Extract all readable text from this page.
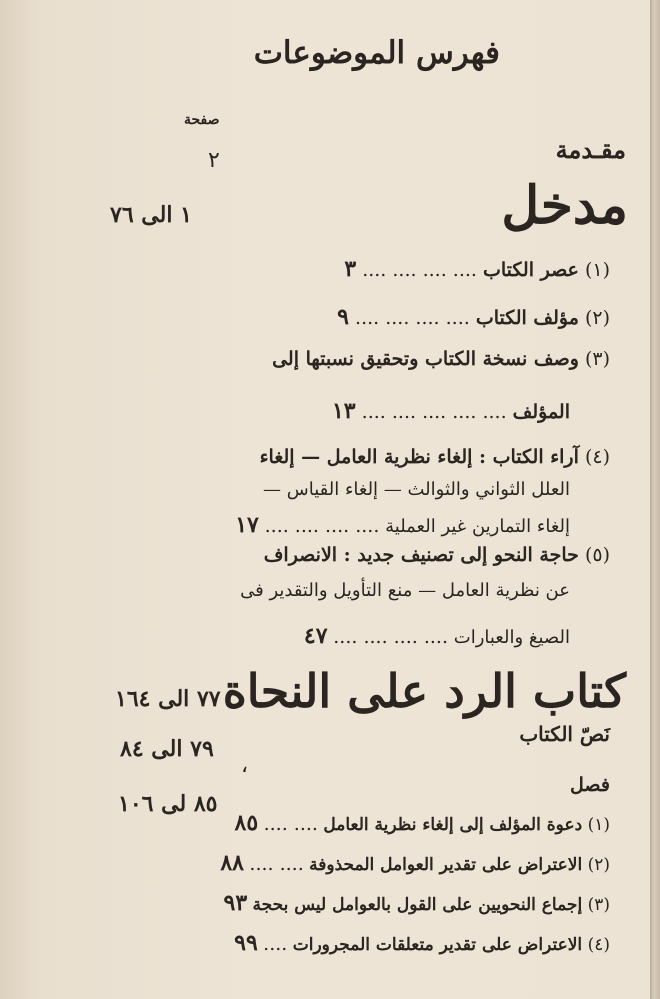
فهرس الموضوعات
صفحة
مقـدمة
٢
مدخل
١ الى ٧٦
(١) عصر الكتاب .... .... .... .... ٣
(٢) مؤلف الكتاب .... .... .... .... ٩
(٣) وصف نسخة الكتاب وتحقيق نسبتها إلى
المؤلف .... .... .... .... .... ١٣
(٤) آراء الكتاب : إلغاء نظرية العامل — إلغاء
العلل الثواني والثوالث — إلغاء القياس —
إلغاء التمارين غير العملية .... .... .... .... ١٧
(٥) حاجة النحو إلى تصنيف جديد : الانصراف
عن نظرية العامل — منع التأويل والتقدير فى
الصيغ والعبارات .... .... .... .... ٤٧
كتاب الرد على النحاة
٧٧ الى ١٦٤
نَصّ الكتاب
٧٩ الى ٨٤
،
فصل
٨٥ لى ١٠٦
(١) دعوة المؤلف إلى إلغاء نظرية العامل .... .... ٨٥
(٢) الاعتراض على تقدير العوامل المحذوفة .... .... ٨٨
(٣) إجماع النحويين على القول بالعوامل ليس بحجة ٩٣
(٤) الاعتراض على تقدير متعلقات المجرورات .... ٩٩
